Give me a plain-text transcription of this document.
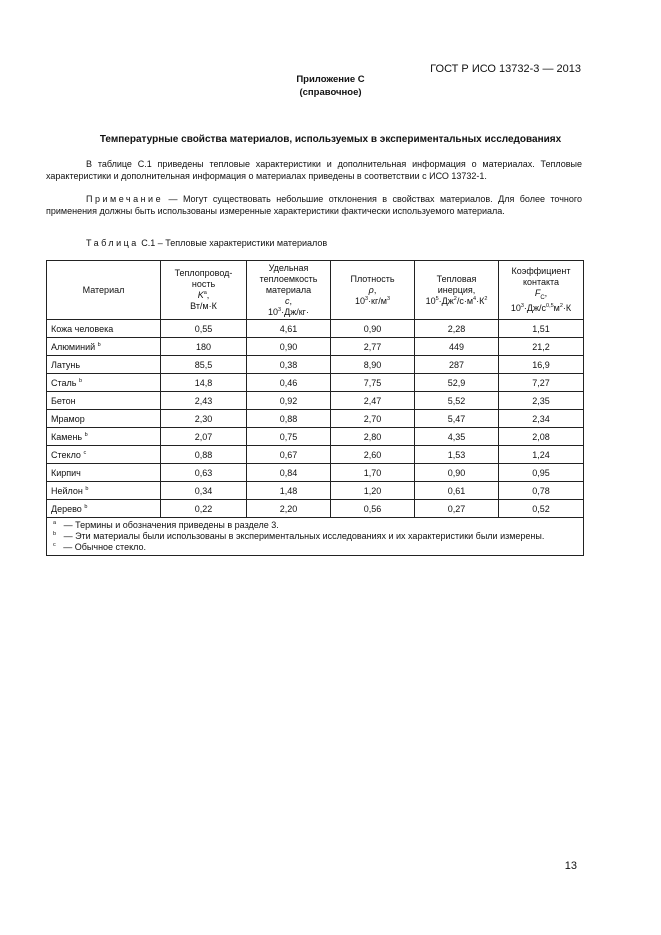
ГОСТ Р ИСО 13732-3 — 2013
Приложение С
(справочное)
Температурные свойства материалов, используемых в экспериментальных исследованиях
В таблице С.1 приведены тепловые характеристики и дополнительная информация о материалах. Тепловые характеристики и дополнительная информация о материалах приведены в соответствии с ИСО 13732-1.
Примечание — Могут существовать небольшие отклонения в свойствах материалов. Для более точного применения должны быть использованы измеренные характеристики фактически используемого материала.
Таблица С.1 – Тепловые характеристики материалов
Материал	Теплопровод-
ность
$K^a$,
Вт/м·К	Удельная
теплоемкость
материала
c,
$10^3\cdot Дж/кг\cdot$	Плотность
ρ,
$10^3\cdot кг/м^3$	Тепловая
инерция,
$10^5\cdot Дж^2/с\cdot м^4\cdot К^2$	Коэффициент
контакта
$F_C$,
$10^3\cdot Дж/с^{0,5}м^2\cdot К$
Кожа человека	0,55	4,61	0,90	2,28	1,51
Алюминий $^b$	180	0,90	2,77	449	21,2
Латунь	85,5	0,38	8,90	287	16,9
Сталь $^b$	14,8	0,46	7,75	52,9	7,27
Бетон	2,43	0,92	2,47	5,52	2,35
Мрамор	2,30	0,88	2,70	5,47	2,34
Камень $^b$	2,07	0,75	2,80	4,35	2,08
Стекло $^c$	0,88	0,67	2,60	1,53	1,24
Кирпич	0,63	0,84	1,70	0,90	0,95
Нейлон $^b$	0,34	1,48	1,20	0,61	0,78
Дерево $^b$	0,22	2,20	0,56	0,27	0,52

$^a$ — Термины и обозначения приведены в разделе 3.
$^b$ — Эти материалы были использованы в экспериментальных исследованиях и их характеристики были измерены.
$^c$ — Обычное стекло.					
13
